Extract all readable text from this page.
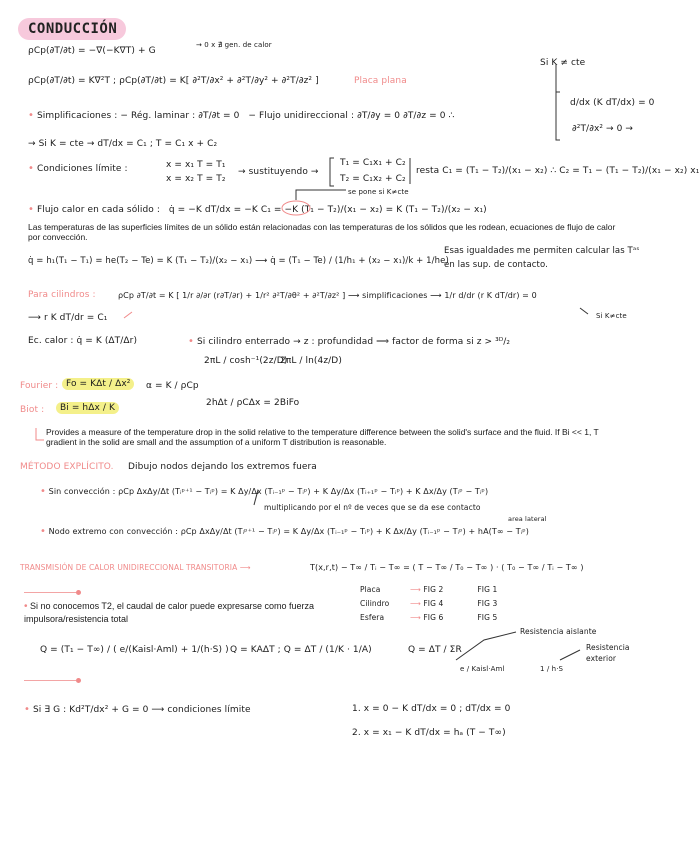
CONDUCCIÓN
ρCp(∂T/∂t) = −∇(−K∇T) + G
→ 0 x ∄ gen. de calor
ρCp(∂T/∂t) = K∇²T ; ρCp(∂T/∂t) = K[ ∂²T/∂x² + ∂²T/∂y² + ∂²T/∂z² ]	Placa plana
Si K ≠ cte
d/dx (K dT/dx) = 0
∂²T/∂x² → 0 →
• Simplificaciones : − Rég. laminar : ∂T/∂t = 0 − Flujo unidireccional : ∂T/∂y = 0 ∂T/∂z = 0 ∴
→ Si K = cte → dT/dx = C₁ ; T = C₁ x + C₂
• Condiciones límite :	x = x₁ T = T₁
x = x₂ T = T₂
→ sustituyendo →
T₁ = C₁x₁ + C₂
T₂ = C₁x₂ + C₂
resta C₁ = (T₁ − T₂)/(x₁ − x₂) ∴ C₂ = T₁ − (T₁ − T₂)/(x₁ − x₂) x₁
se pone si K≠cte
• Flujo calor en cada sólido : q̇ = −K dT/dx = −K C₁ = −K (T₁ − T₂)/(x₁ − x₂) = K (T₁ − T₂)/(x₂ − x₁)
Las temperaturas de las superficies límites de un sólido están relacionadas con las temperaturas de los sólidos que les rodean, ecuaciones de flujo de calor por convección.
q̇ = h₁(T₁ − T₁) = he(T₂ − Te) = K (T₁ − T₂)/(x₂ − x₁) ⟶ q̇ = (T₁ − Te) / (1/h₁ + (x₂ − x₁)/k + 1/he)
Esas igualdades me permiten calcular las Tᵃˢ en las sup. de contacto.
Para cilindros :	ρCp ∂T/∂t = K [ 1/r ∂/∂r (r∂T/∂r) + 1/r² ∂²T/∂θ² + ∂²T/∂z² ] ⟶ simplificaciones ⟶ 1/r d/dr (r K dT/dr) = 0
⟶ r K dT/dr = C₁	Si K≠cte
Ec. calor : q̇ = K (ΔT/Δr)	• Si cilindro enterrado → z : profundidad ⟹ factor de forma si z > ³ᴰ/₂
2πL / cosh⁻¹(2z/D)
2πL / ln(4z/D)
Fourier : Fo = KΔt / Δx²	α = K / ρCp
Biot :	Bi = hΔx / K	2hΔt / ρCΔx = 2BiFo
Provides a measure of the temperature drop in the solid relative to the temperature difference between the solid's surface and the fluid. If Bi << 1, T gradient in the solid are small and the assumption of a uniform T distribution is reasonable.
MÉTODO EXPLÍCITO. Dibujo nodos dejando los extremos fuera
• Sin convección : ρCp ΔxΔy/Δt (Tᵢᵖ⁺¹ − Tᵢᵖ) = K Δy/Δx (Tᵢ₋₁ᵖ − Tᵢᵖ) + K Δy/Δx (Tᵢ₊₁ᵖ − Tᵢᵖ) + K Δx/Δy (Tᵢᵖ − Tᵢᵖ)
multiplicando por el nº de veces que se da ese contacto
• Nodo extremo con convección : ρCp ΔxΔy/Δt (Tᵢᵖ⁺¹ − Tᵢᵖ) = K Δy/Δx (Tᵢ₋₁ᵖ − Tᵢᵖ) + K Δx/Δy (Tᵢ₋₁ᵖ − Tᵢᵖ) + hA(T∞ − Tᵢᵖ)
area lateral
TRANSMISIÓN DE CALOR UNIDIRECCIONAL TRANSITORIA ⟶	T(x,r,t) − T∞ / Tᵢ − T∞ = ( T − T∞ / T₀ − T∞ ) · ( T₀ − T∞ / Tᵢ − T∞ )
Placa	⟶ FIG 2	FIG 1
Cilindro	⟶ FIG 4	FIG 3
Esfera	⟶ FIG 6	FIG 5
• Si no conocemos T2, el caudal de calor puede expresarse como fuerza impulsora/resistencia total
Q = (T₁ − T∞) / ( e/(Kaisl·Aml) + 1/(h·S) ) Q = KAΔT ; Q = ΔT / (1/K · 1/A)	Q = ΔT / ΣR
e / Kaisl·Aml	1 / h·S
Resistencia aislante
Resistencia exterior
• Si ∃ G : Kd²T/dx² + G = 0 ⟶ condiciones límite	1. x = 0 − K dT/dx = 0 ; dT/dx = 0
2. x = x₁ − K dT/dx = hₐ (T − T∞)
